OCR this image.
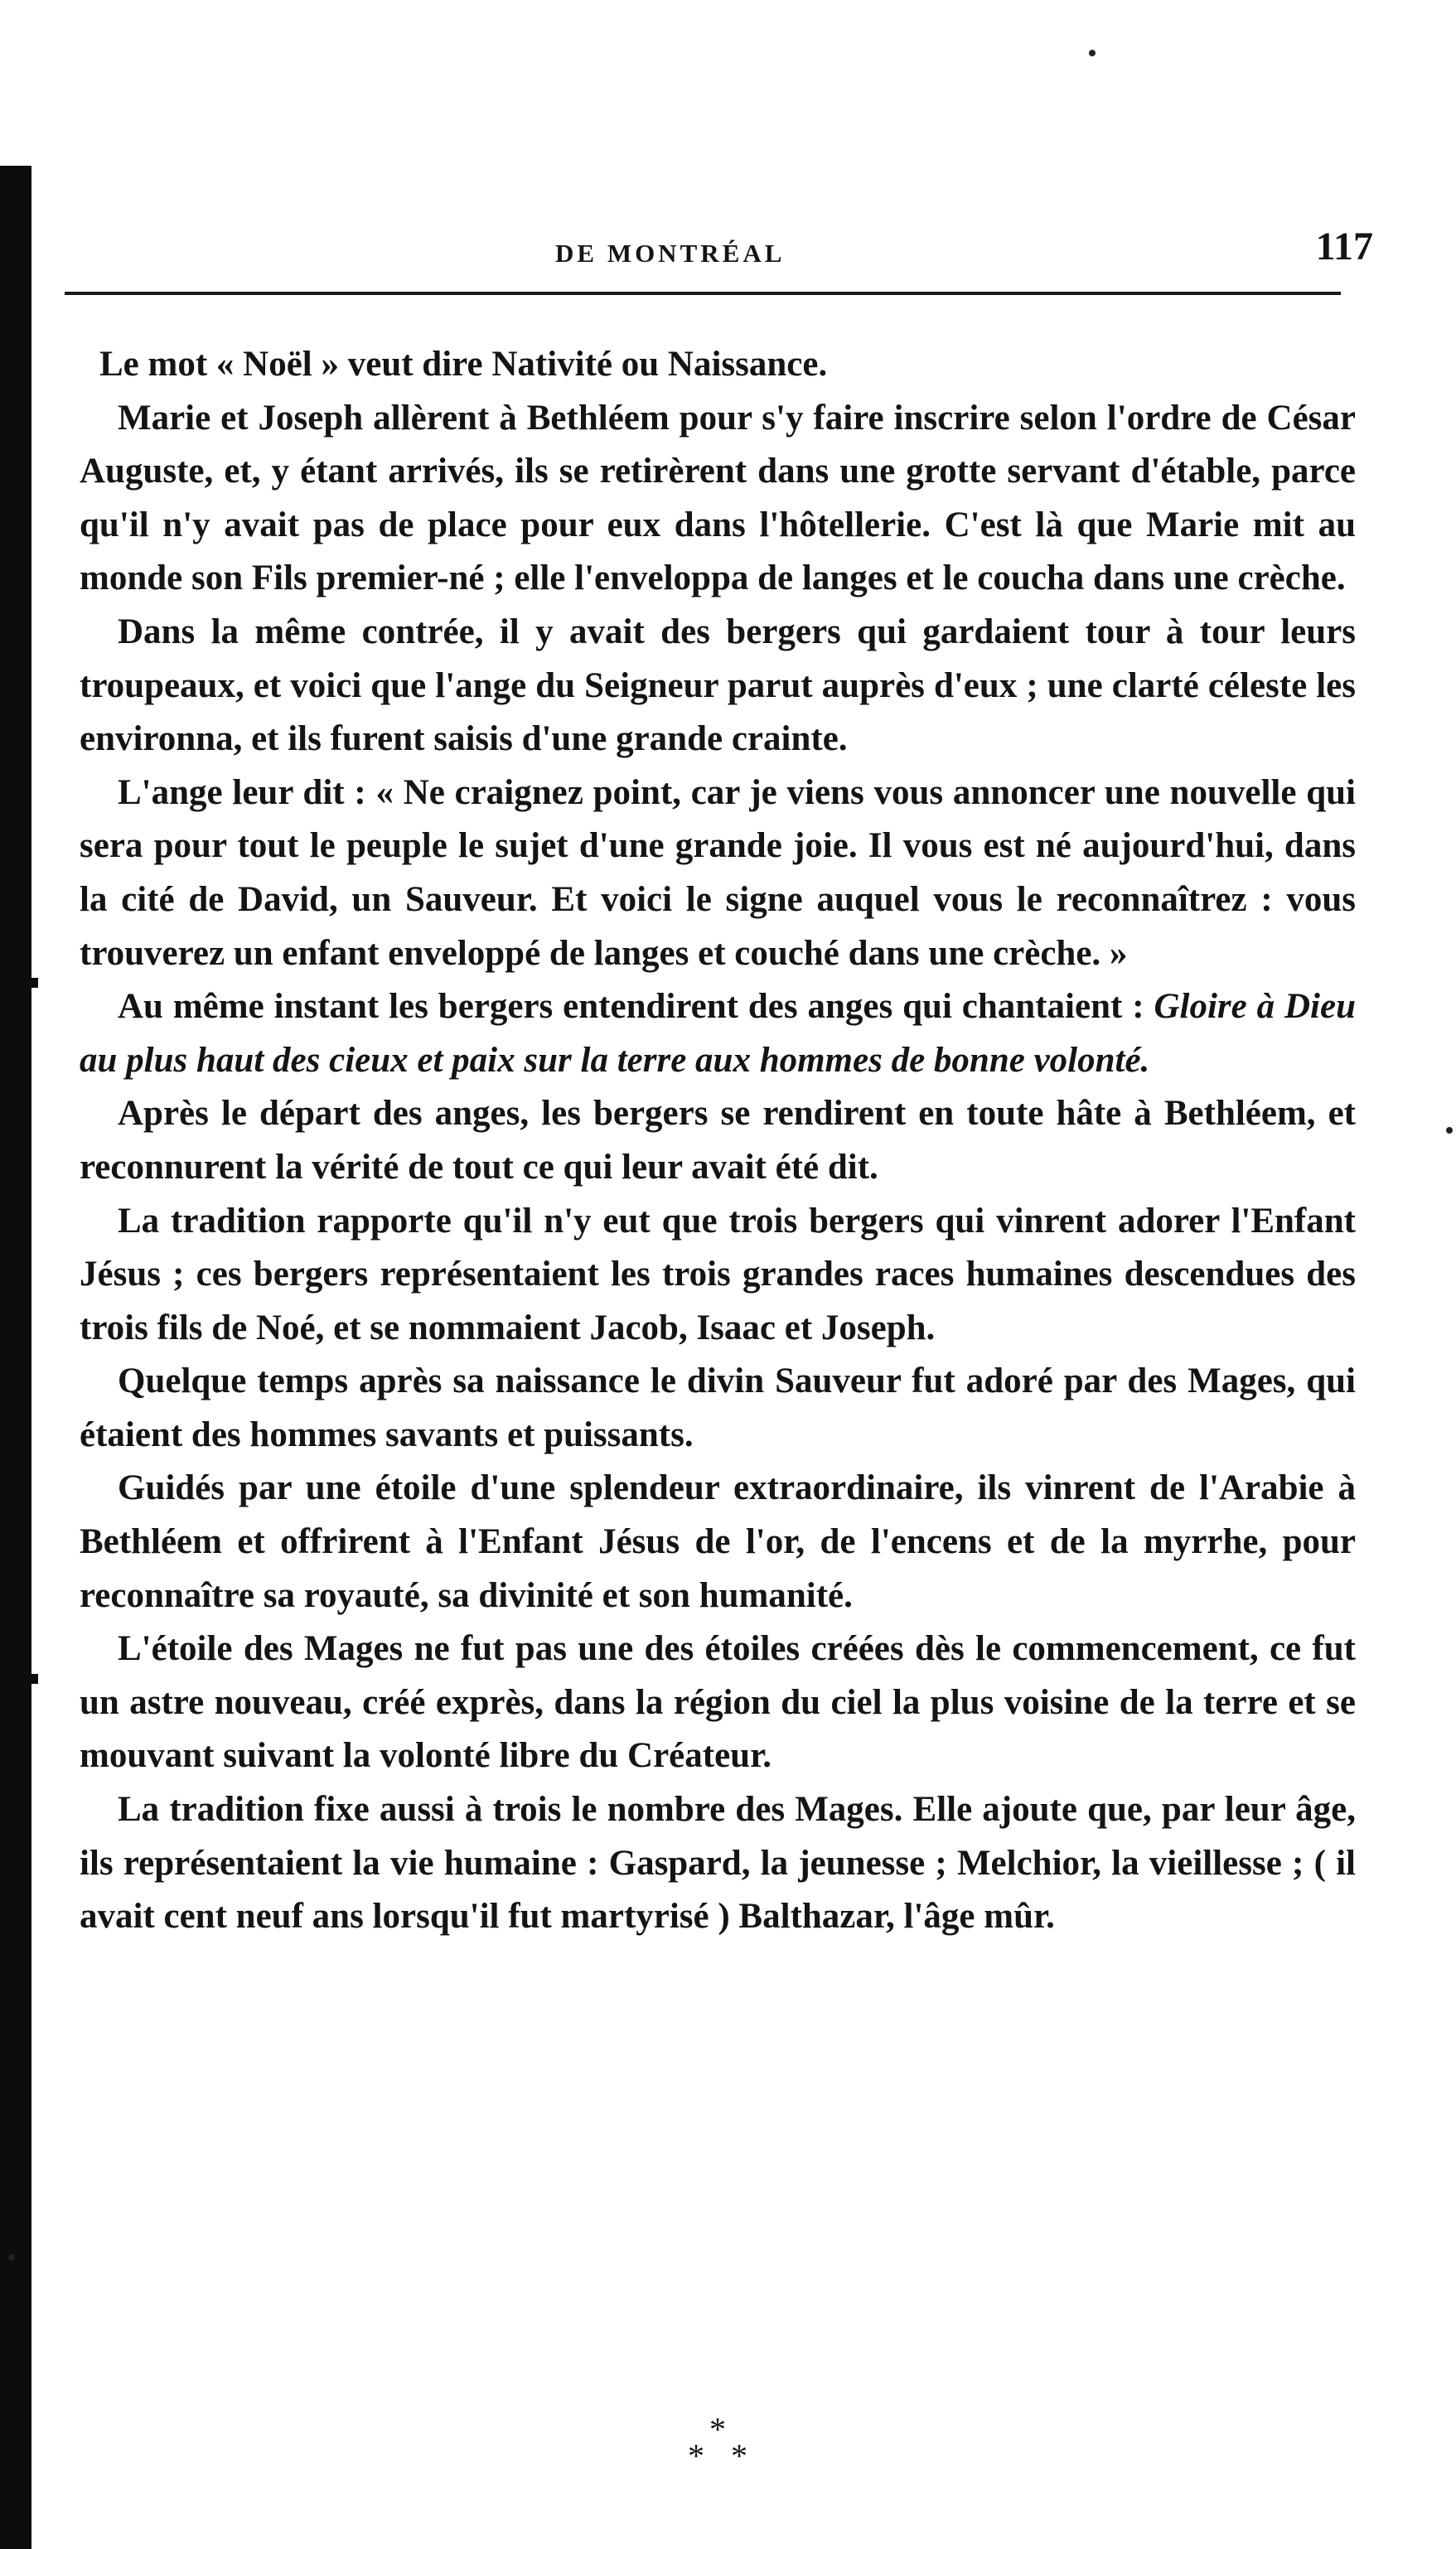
DE MONTRÉAL	117

Le mot « Noël » veut dire Nativité ou Naissance.

Marie et Joseph allèrent à Bethléem pour s'y faire inscrire selon l'ordre de César Auguste, et, y étant arrivés, ils se retirèrent dans une grotte servant d'étable, parce qu'il n'y avait pas de place pour eux dans l'hôtellerie. C'est là que Marie mit au monde son Fils premier-né ; elle l'enveloppa de langes et le coucha dans une crèche.

Dans la même contrée, il y avait des bergers qui gardaient tour à tour leurs troupeaux, et voici que l'ange du Seigneur parut auprès d'eux ; une clarté céleste les environna, et ils furent saisis d'une grande crainte.

L'ange leur dit : « Ne craignez point, car je viens vous annoncer une nouvelle qui sera pour tout le peuple le sujet d'une grande joie. Il vous est né aujourd'hui, dans la cité de David, un Sauveur. Et voici le signe auquel vous le reconnaîtrez : vous trouverez un enfant enveloppé de langes et couché dans une crèche. »

Au même instant les bergers entendirent des anges qui chantaient : Gloire à Dieu au plus haut des cieux et paix sur la terre aux hommes de bonne volonté.

Après le départ des anges, les bergers se rendirent en toute hâte à Bethléem, et reconnurent la vérité de tout ce qui leur avait été dit.

La tradition rapporte qu'il n'y eut que trois bergers qui vinrent adorer l'Enfant Jésus ; ces bergers représentaient les trois grandes races humaines descendues des trois fils de Noé, et se nommaient Jacob, Isaac et Joseph.

Quelque temps après sa naissance le divin Sauveur fut adoré par des Mages, qui étaient des hommes savants et puissants.

Guidés par une étoile d'une splendeur extraordinaire, ils vinrent de l'Arabie à Bethléem et offrirent à l'Enfant Jésus de l'or, de l'encens et de la myrrhe, pour reconnaître sa royauté, sa divinité et son humanité.

L'étoile des Mages ne fut pas une des étoiles créées dès le commencement, ce fut un astre nouveau, créé exprès, dans la région du ciel la plus voisine de la terre et se mouvant suivant la volonté libre du Créateur.

La tradition fixe aussi à trois le nombre des Mages. Elle ajoute que, par leur âge, ils représentaient la vie humaine : Gaspard, la jeunesse ; Melchior, la vieillesse ; ( il avait cent neuf ans lorsqu'il fut martyrisé ) Balthazar, l'âge mûr.

*
* *
